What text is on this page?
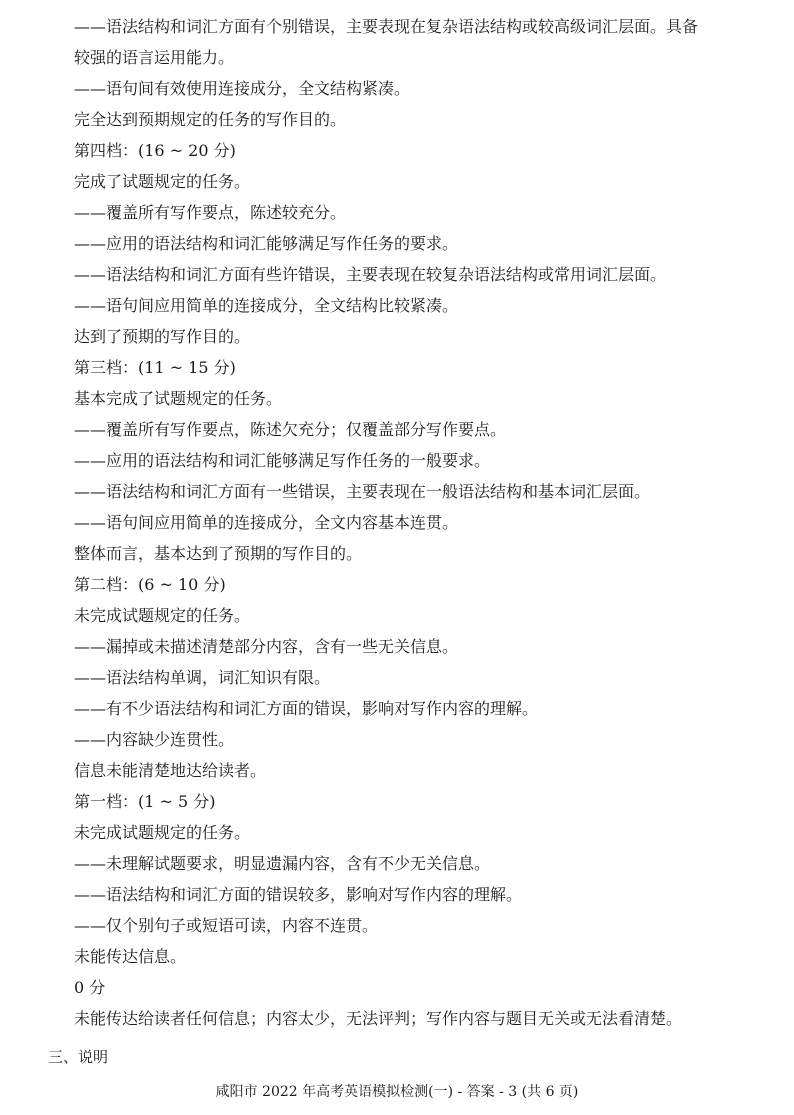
——语法结构和词汇方面有个别错误，主要表现在复杂语法结构或较高级词汇层面。具备
较强的语言运用能力。
——语句间有效使用连接成分，全文结构紧凑。
完全达到预期规定的任务的写作目的。
第四档：(16 ~ 20 分)
完成了试题规定的任务。
——覆盖所有写作要点，陈述较充分。
——应用的语法结构和词汇能够满足写作任务的要求。
——语法结构和词汇方面有些许错误，主要表现在较复杂语法结构或常用词汇层面。
——语句间应用简单的连接成分，全文结构比较紧凑。
达到了预期的写作目的。
第三档：(11 ~ 15 分)
基本完成了试题规定的任务。
——覆盖所有写作要点，陈述欠充分；仅覆盖部分写作要点。
——应用的语法结构和词汇能够满足写作任务的一般要求。
——语法结构和词汇方面有一些错误，主要表现在一般语法结构和基本词汇层面。
——语句间应用简单的连接成分，全文内容基本连贯。
整体而言，基本达到了预期的写作目的。
第二档：(6 ~ 10 分)
未完成试题规定的任务。
——漏掉或未描述清楚部分内容，含有一些无关信息。
——语法结构单调，词汇知识有限。
——有不少语法结构和词汇方面的错误，影响对写作内容的理解。
——内容缺少连贯性。
信息未能清楚地达给读者。
第一档：(1 ~ 5 分)
未完成试题规定的任务。
——未理解试题要求，明显遗漏内容，含有不少无关信息。
——语法结构和词汇方面的错误较多，影响对写作内容的理解。
——仅个别句子或短语可读，内容不连贯。
未能传达信息。
0 分
未能传达给读者任何信息；内容太少，无法评判；写作内容与题目无关或无法看清楚。
三、说明
咸阳市 2022 年高考英语模拟检测(一) - 答案 - 3 (共 6 页)
